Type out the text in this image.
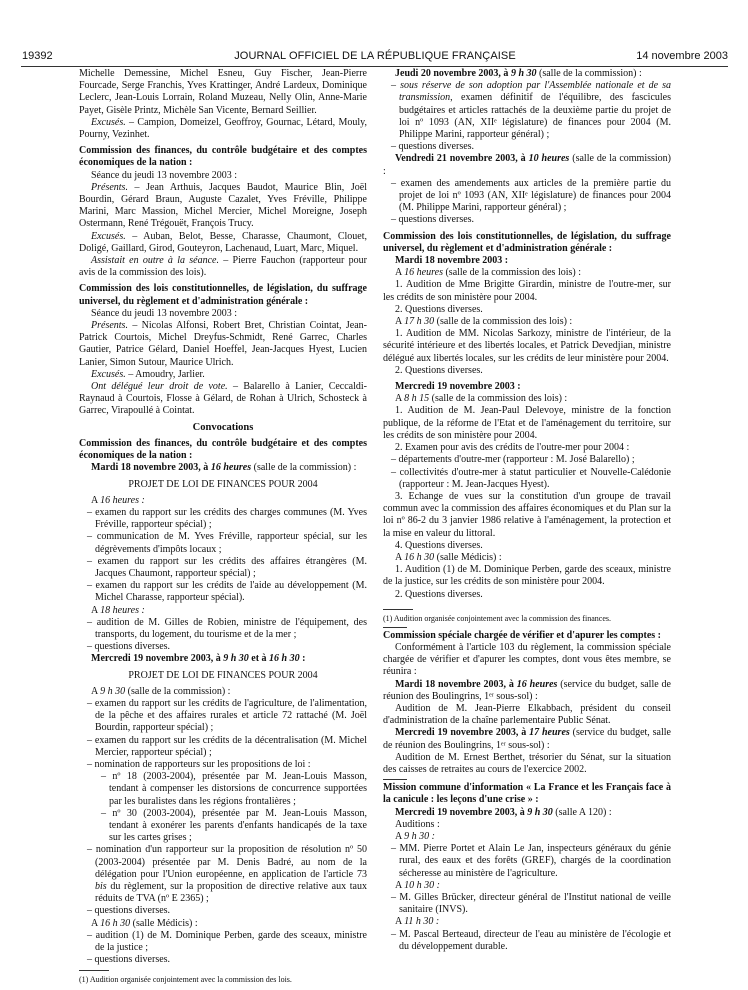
19392	JOURNAL OFFICIEL DE LA RÉPUBLIQUE FRANÇAISE	14 novembre 2003

Michelle Demessine, Michel Esneu, Guy Fischer, Jean-Pierre Fourcade, Serge Franchis, Yves Krattinger, André Lardeux, Dominique Leclerc, Jean-Louis Lorrain, Roland Muzeau, Nelly Olin, Anne-Marie Payet, Gisèle Printz, Michèle San Vicente, Bernard Seillier.

Excusés. – Campion, Domeizel, Geoffroy, Gournac, Létard, Mouly, Pourny, Vezinhet.

Commission des finances, du contrôle budgétaire et des comptes économiques de la nation :

Séance du jeudi 13 novembre 2003 :

Présents. – Jean Arthuis, Jacques Baudot, Maurice Blin, Joël Bourdin, Gérard Braun, Auguste Cazalet, Yves Fréville, Philippe Marini, Marc Massion, Michel Mercier, Michel Moreigne, Joseph Ostermann, René Trégouët, François Trucy.

Excusés. – Auban, Belot, Besse, Charasse, Chaumont, Clouet, Doligé, Gaillard, Girod, Gouteyron, Lachenaud, Luart, Marc, Miquel.

Assistait en outre à la séance. – Pierre Fauchon (rapporteur pour avis de la commission des lois).

Commission des lois constitutionnelles, de législation, du suffrage universel, du règlement et d'administration générale :

Séance du jeudi 13 novembre 2003 :

Présents. – Nicolas Alfonsi, Robert Bret, Christian Cointat, Jean-Patrick Courtois, Michel Dreyfus-Schmidt, René Garrec, Charles Gautier, Patrice Gélard, Daniel Hoeffel, Jean-Jacques Hyest, Lucien Lanier, Simon Sutour, Maurice Ulrich.

Excusés. – Amoudry, Jarlier.

Ont délégué leur droit de vote. – Balarello à Lanier, Ceccaldi-Raynaud à Courtois, Flosse à Gélard, de Rohan à Ulrich, Schosteck à Garrec, Virapoullé à Cointat.

Convocations

Commission des finances, du contrôle budgétaire et des comptes économiques de la nation :

Mardi 18 novembre 2003, à 16 heures (salle de la commission) :

PROJET DE LOI DE FINANCES POUR 2004

A 16 heures :

– examen du rapport sur les crédits des charges communes (M. Yves Fréville, rapporteur spécial) ;

– communication de M. Yves Fréville, rapporteur spécial, sur les dégrèvements d'impôts locaux ;

– examen du rapport sur les crédits des affaires étrangères (M. Jacques Chaumont, rapporteur spécial) ;

– examen du rapport sur les crédits de l'aide au développement (M. Michel Charasse, rapporteur spécial).

A 18 heures :

– audition de M. Gilles de Robien, ministre de l'équipement, des transports, du logement, du tourisme et de la mer ;

– questions diverses.

Mercredi 19 novembre 2003, à 9 h 30 et à 16 h 30 :

PROJET DE LOI DE FINANCES POUR 2004

A 9 h 30 (salle de la commission) :

– examen du rapport sur les crédits de l'agriculture, de l'alimentation, de la pêche et des affaires rurales et article 72 rattaché (M. Joël Bourdin, rapporteur spécial) ;

– examen du rapport sur les crédits de la décentralisation (M. Michel Mercier, rapporteur spécial) ;

– nomination de rapporteurs sur les propositions de loi :

– nº 18 (2003-2004), présentée par M. Jean-Louis Masson, tendant à compenser les distorsions de concurrence supportées par les buralistes dans les régions frontalières ;

– nº 30 (2003-2004), présentée par M. Jean-Louis Masson, tendant à exonérer les parents d'enfants handicapés de la taxe sur les cartes grises ;

– nomination d'un rapporteur sur la proposition de résolution nº 50 (2003-2004) présentée par M. Denis Badré, au nom de la délégation pour l'Union européenne, en application de l'article 73 bis du règlement, sur la proposition de directive relative aux taux réduits de TVA (nº E 2365) ;

– questions diverses.

A 16 h 30 (salle Médicis) :

– audition (1) de M. Dominique Perben, garde des sceaux, ministre de la justice ;

– questions diverses.

(1) Audition organisée conjointement avec la commission des lois.

Jeudi 20 novembre 2003, à 9 h 30 (salle de la commission) :

– sous réserve de son adoption par l'Assemblée nationale et de sa transmission, examen définitif de l'équilibre, des fascicules budgétaires et articles rattachés de la deuxième partie du projet de loi nº 1093 (AN, XIIᵉ législature) de finances pour 2004 (M. Philippe Marini, rapporteur général) ;

– questions diverses.

Vendredi 21 novembre 2003, à 10 heures (salle de la commission) :

– examen des amendements aux articles de la première partie du projet de loi nº 1093 (AN, XIIᵉ législature) de finances pour 2004 (M. Philippe Marini, rapporteur général) ;

– questions diverses.

Commission des lois constitutionnelles, de législation, du suffrage universel, du règlement et d'administration générale :

Mardi 18 novembre 2003 :

A 16 heures (salle de la commission des lois) :

1. Audition de Mme Brigitte Girardin, ministre de l'outre-mer, sur les crédits de son ministère pour 2004.

2. Questions diverses.

A 17 h 30 (salle de la commission des lois) :

1. Audition de MM. Nicolas Sarkozy, ministre de l'intérieur, de la sécurité intérieure et des libertés locales, et Patrick Devedjian, ministre délégué aux libertés locales, sur les crédits de leur ministère pour 2004.

2. Questions diverses.

Mercredi 19 novembre 2003 :

A 8 h 15 (salle de la commission des lois) :

1. Audition de M. Jean-Paul Delevoye, ministre de la fonction publique, de la réforme de l'Etat et de l'aménagement du territoire, sur les crédits de son ministère pour 2004.

2. Examen pour avis des crédits de l'outre-mer pour 2004 :

– départements d'outre-mer (rapporteur : M. José Balarello) ;

– collectivités d'outre-mer à statut particulier et Nouvelle-Calédonie (rapporteur : M. Jean-Jacques Hyest).

3. Echange de vues sur la constitution d'un groupe de travail commun avec la commission des affaires économiques et du Plan sur la loi nº 86-2 du 3 janvier 1986 relative à l'aménagement, la protection et la mise en valeur du littoral.

4. Questions diverses.

A 16 h 30 (salle Médicis) :

1. Audition (1) de M. Dominique Perben, garde des sceaux, ministre de la justice, sur les crédits de son ministère pour 2004.

2. Questions diverses.

(1) Audition organisée conjointement avec la commission des finances.

Commission spéciale chargée de vérifier et d'apurer les comptes :

Conformément à l'article 103 du règlement, la commission spéciale chargée de vérifier et d'apurer les comptes, dont vous êtes membre, se réunira :

Mardi 18 novembre 2003, à 16 heures (service du budget, salle de réunion des Boulingrins, 1ᵉʳ sous-sol) :

Audition de M. Jean-Pierre Elkabbach, président du conseil d'administration de la chaîne parlementaire Public Sénat.

Mercredi 19 novembre 2003, à 17 heures (service du budget, salle de réunion des Boulingrins, 1ᵉʳ sous-sol) :

Audition de M. Ernest Berthet, trésorier du Sénat, sur la situation des caisses de retraites au cours de l'exercice 2002.

Mission commune d'information « La France et les Français face à la canicule : les leçons d'une crise » :

Mercredi 19 novembre 2003, à 9 h 30 (salle A 120) :

Auditions :

A 9 h 30 :

– MM. Pierre Portet et Alain Le Jan, inspecteurs généraux du génie rural, des eaux et des forêts (GREF), chargés de la coordination sécheresse au ministère de l'agriculture.

A 10 h 30 :

– M. Gilles Brücker, directeur général de l'Institut national de veille sanitaire (INVS).

A 11 h 30 :

– M. Pascal Berteaud, directeur de l'eau au ministère de l'écologie et du développement durable.
